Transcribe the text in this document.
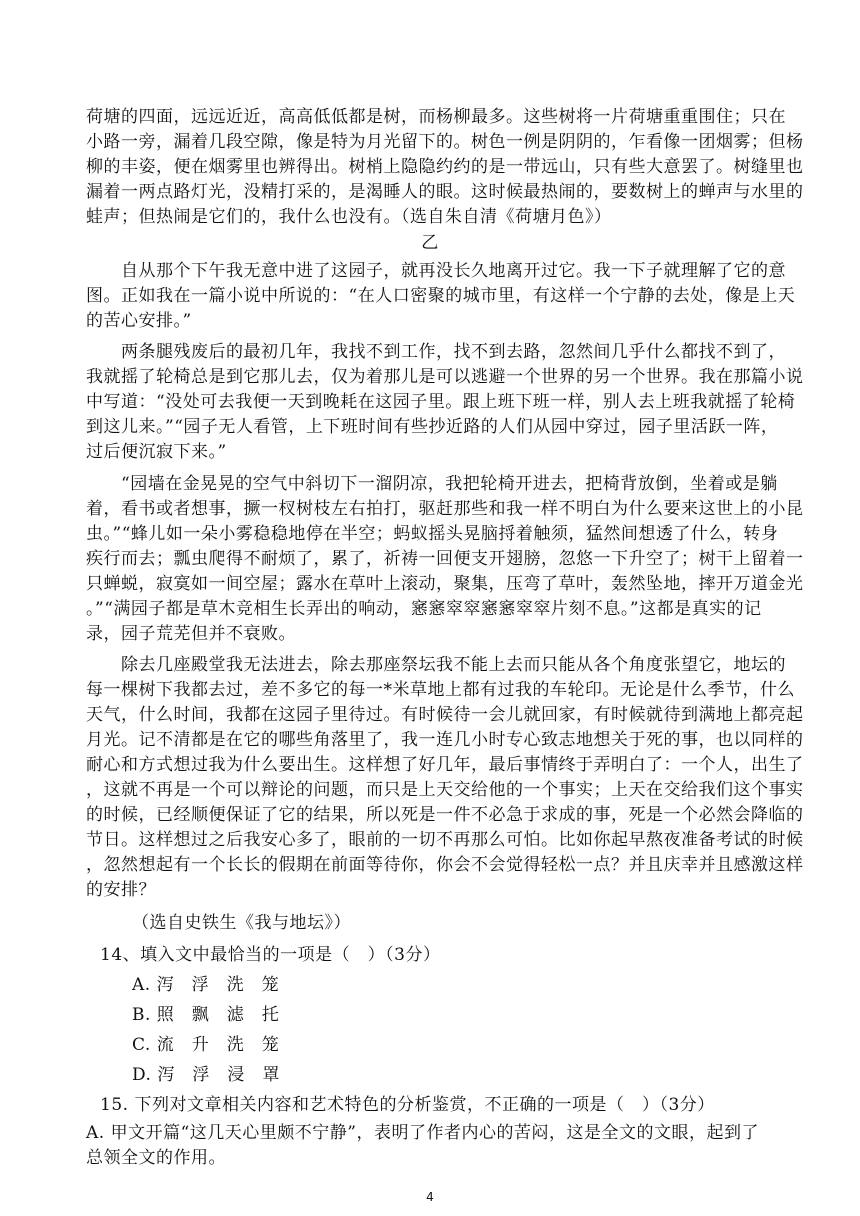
荷塘的四面，远远近近，高高低低都是树，而杨柳最多。这些树将一片荷塘重重围住；只在
小路一旁，漏着几段空隙，像是特为月光留下的。树色一例是阴阴的，乍看像一团烟雾；但杨
柳的丰姿，便在烟雾里也辨得出。树梢上隐隐约约的是一带远山，只有些大意罢了。树缝里也
漏着一两点路灯光，没精打采的，是渴睡人的眼。这时候最热闹的，要数树上的蝉声与水里的
蛙声；但热闹是它们的，我什么也没有。（选自朱自清《荷塘月色》）
乙
　　自从那个下午我无意中进了这园子，就再没长久地离开过它。我一下子就理解了它的意
图。正如我在一篇小说中所说的：“在人口密聚的城市里，有这样一个宁静的去处，像是上天
的苦心安排。”
　　两条腿残废后的最初几年，我找不到工作，找不到去路，忽然间几乎什么都找不到了，
我就摇了轮椅总是到它那儿去，仅为着那儿是可以逃避一个世界的另一个世界。我在那篇小说
中写道：“没处可去我便一天到晚耗在这园子里。跟上班下班一样，别人去上班我就摇了轮椅
到这儿来。”“园子无人看管，上下班时间有些抄近路的人们从园中穿过，园子里活跃一阵，
过后便沉寂下来。”
　　“园墙在金晃晃的空气中斜切下一溜阴凉，我把轮椅开进去，把椅背放倒，坐着或是躺
着，看书或者想事，撅一杈树枝左右拍打，驱赶那些和我一样不明白为什么要来这世上的小昆
虫。”“蜂儿如一朵小雾稳稳地停在半空；蚂蚁摇头晃脑捋着触须，猛然间想透了什么，转身
疾行而去；瓢虫爬得不耐烦了，累了，祈祷一回便支开翅膀，忽悠一下升空了；树干上留着一
只蝉蜕，寂寞如一间空屋；露水在草叶上滚动，聚集，压弯了草叶，轰然坠地，摔开万道金光
。”“满园子都是草木竞相生长弄出的响动，窸窸窣窣窸窸窣窣片刻不息。”这都是真实的记
录，园子荒芜但并不衰败。
　　除去几座殿堂我无法进去，除去那座祭坛我不能上去而只能从各个角度张望它，地坛的
每一棵树下我都去过，差不多它的每一*米草地上都有过我的车轮印。无论是什么季节，什么
天气，什么时间，我都在这园子里待过。有时候待一会儿就回家，有时候就待到满地上都亮起
月光。记不清都是在它的哪些角落里了，我一连几小时专心致志地想关于死的事，也以同样的
耐心和方式想过我为什么要出生。这样想了好几年，最后事情终于弄明白了：一个人，出生了
，这就不再是一个可以辩论的问题，而只是上天交给他的一个事实；上天在交给我们这个事实
的时候，已经顺便保证了它的结果，所以死是一件不必急于求成的事，死是一个必然会降临的
节日。这样想过之后我安心多了，眼前的一切不再那么可怕。比如你起早熬夜准备考试的时候
，忽然想起有一个长长的假期在前面等待你，你会不会觉得轻松一点？并且庆幸并且感激这样
的安排？
（选自史铁生《我与地坛》）
14、填入文中最恰当的一项是（　）（3分）
A. 泻　浮　洗　笼
B. 照　飘　滤　托
C. 流　升　洗　笼
D. 泻　浮　浸　罩
15. 下列对文章相关内容和艺术特色的分析鉴赏，不正确的一项是（　）（3分）
A. 甲文开篇“这几天心里颇不宁静”，表明了作者内心的苦闷，这是全文的文眼，起到了
总领全文的作用。
4
